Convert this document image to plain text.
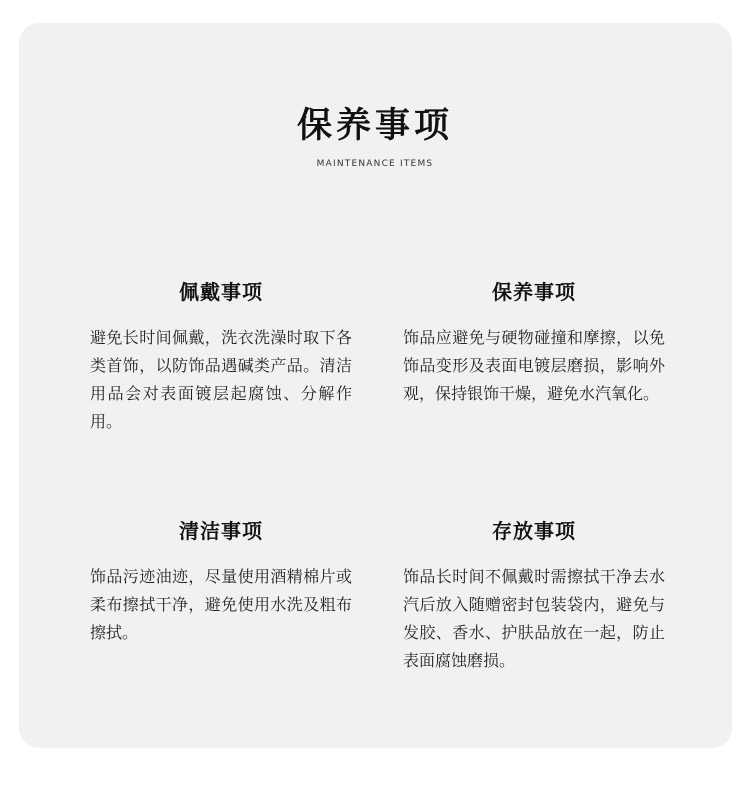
保养事项
MAINTENANCE ITEMS
佩戴事项

避免长时间佩戴，洗衣洗澡时取下各类首饰，以防饰品遇碱类产品。清洁用品会对表面镀层起腐蚀、分解作用。

保养事项

饰品应避免与硬物碰撞和摩擦，以免饰品变形及表面电镀层磨损，影响外观，保持银饰干燥，避免水汽氧化。

清洁事项

饰品污迹油迹，尽量使用酒精棉片或柔布擦拭干净，避免使用水洗及粗布擦拭。

存放事项

饰品长时间不佩戴时需擦拭干净去水汽后放入随赠密封包装袋内，避免与发胶、香水、护肤品放在一起，防止表面腐蚀磨损。
